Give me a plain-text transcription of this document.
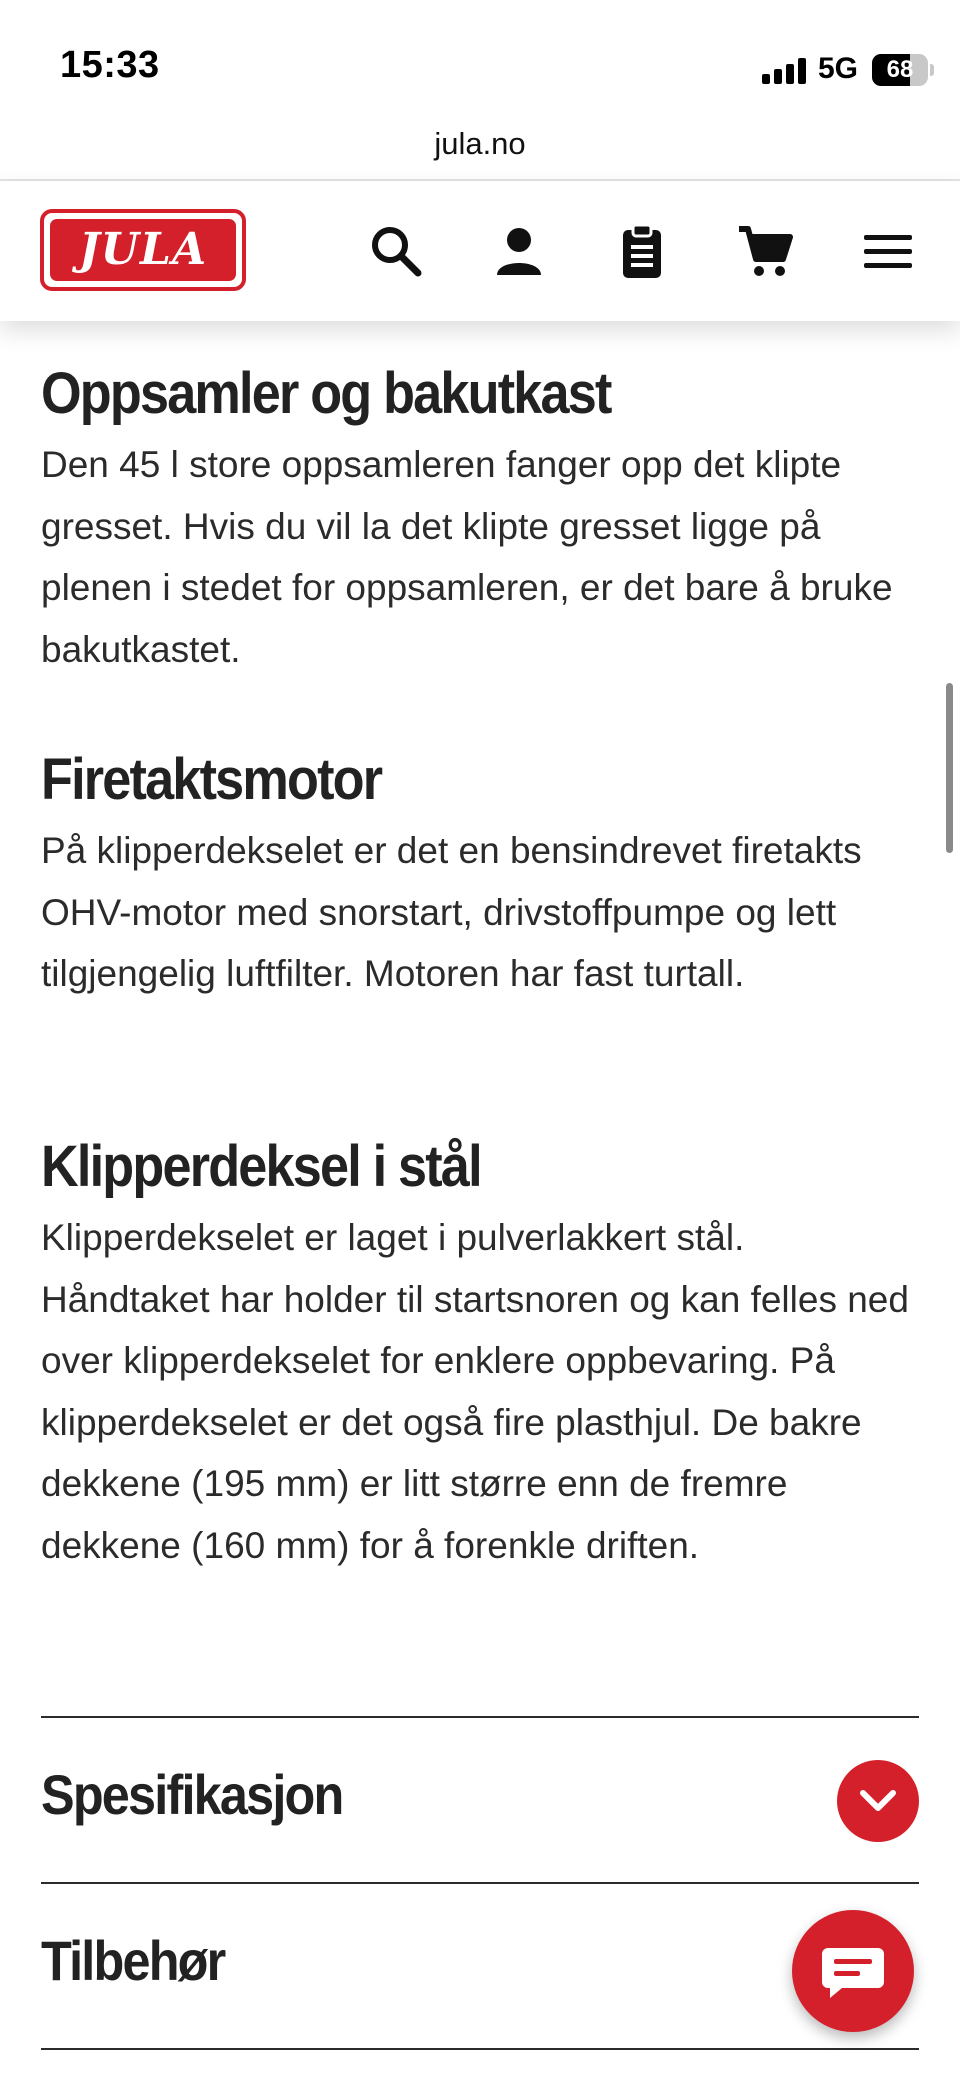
15:33	5G	68
jula.no
JULA
Oppsamler og bakutkast

Den 45 l store oppsamleren fanger opp det klipte gresset. Hvis du vil la det klipte gresset ligge på plenen i stedet for oppsamleren, er det bare å bruke bakutkastet.

Firetaktsmotor

På klipperdekselet er det en bensindrevet firetakts OHV-motor med snorstart, drivstoffpumpe og lett tilgjengelig luftfilter. Motoren har fast turtall.

Klipperdeksel i stål

Klipperdekselet er laget i pulverlakkert stål. Håndtaket har holder til startsnoren og kan felles ned over klipperdekselet for enklere oppbevaring. På klipperdekselet er det også fire plasthjul. De bakre dekkene (195 mm) er litt større enn de fremre dekkene (160 mm) for å forenkle driften.

Spesifikasjon
Tilbehør
